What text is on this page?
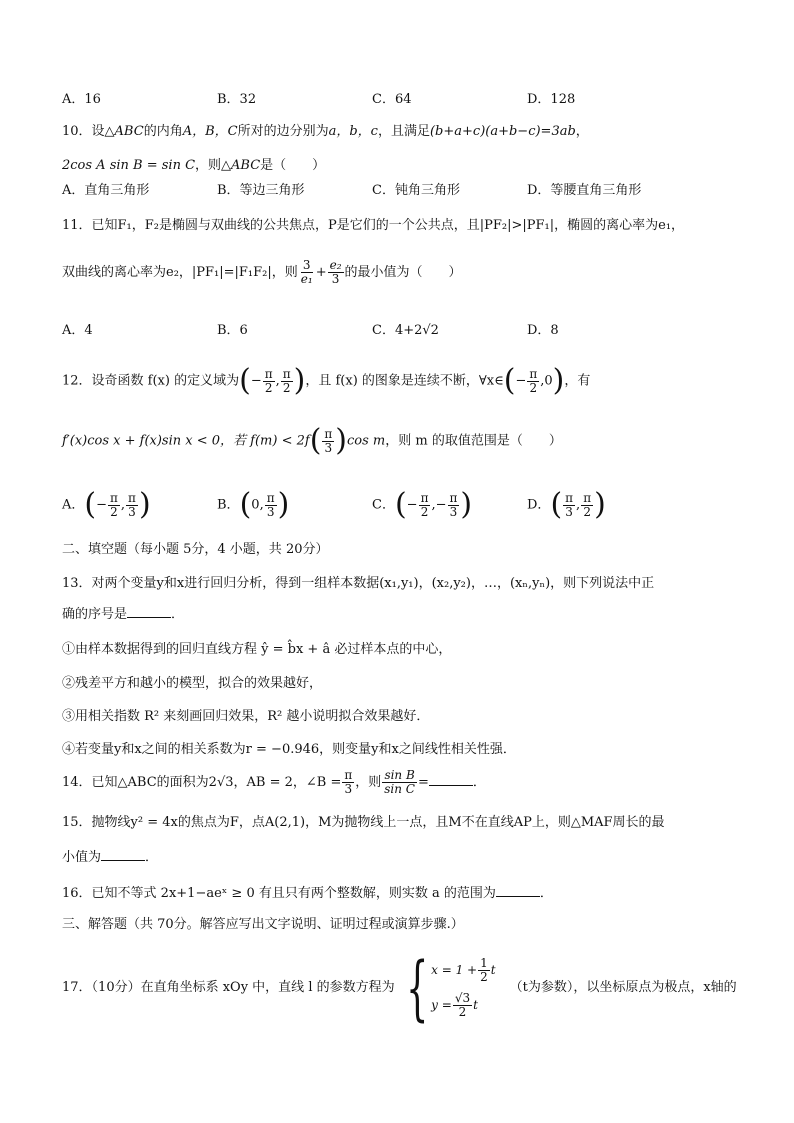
A．16	B．32	C．64	D．128
10．设△ABC的内角A，B，C所对的边分别为a，b，c，且满足(b+a+c)(a+b−c)=3ab，
2cos A sin B = sin C，则△ABC是（　　）
A．直角三角形	B．等边三角形	C．钝角三角形	D．等腰直角三角形
11．已知F₁，F₂是椭圆与双曲线的公共焦点，P是它们的一个公共点，且|PF₂|>|PF₁|，椭圆的离心率为e₁，
双曲线的离心率为e₂，|PF₁|=|F₁F₂|，则 $\frac{3}{\text{e₁}} + \frac{\text{e₂}}{3}$ 的最小值为（　　）
A．4	B．6	C．4+2√2	D．8
12．设奇函数 f(x) 的定义域为(− $\frac{\pi}{2}$ , $\frac{\pi}{2}$ )，且 f(x) 的图象是连续不断，∀x∈(− $\frac{\pi}{2} ,0$)，有
f′(x)cos x + f(x)sin x < 0，若 $f(m) < 2f( \frac{\pi}{3} )\cos$ m，则 m 的取值范围是（　　）
A．(− $\frac{\pi}{2}$ , $\frac{\pi}{3}$ )	B．(0, $\frac{\pi}{3}$ )	C．(− $\frac{\pi}{2}$ ,− $\frac{\pi}{3}$ )	D．( $\frac{\pi}{3}$ , $\frac{\pi}{2}$ )
二、填空题（每小题 5分，4 小题，共 20分）
13．对两个变量y和x进行回归分析，得到一组样本数据(x₁,y₁)，(x₂,y₂)，…，(xₙ,yₙ)，则下列说法中正
确的序号是	．
①由样本数据得到的回归直线方程 ŷ = b̂x + â 必过样本点的中心，
②残差平方和越小的模型，拟合的效果越好，
③用相关指数 R² 来刻画回归效果，R² 越小说明拟合效果越好．
④若变量y和x之间的相关系数为r = −0.946，则变量y和x之间线性相关性强．
14．已知△ABC的面积为2√3，AB = 2，∠B = $\frac{\pi}{3}$ ，则 $\frac{\text{sin B}}{\text{sin C}}$ =	．
15．抛物线y² = 4x的焦点为F，点A(2,1)，M为抛物线上一点，且M不在直线AP上，则△MAF周长的最
小值为	．
16．已知不等式 2x+1−aeˣ ≥ 0 有且只有两个整数解，则实数 a 的范围为	．
三、解答题（共 70分。解答应写出文字说明、证明过程或演算步骤.）
17．（10分）在直角坐标系 xOy 中，直线 l 的参数方程为 { $x = 1 + \frac{1}{2}$ t
$y = \frac{√3}{2}$ t
（t为参数），以坐标原点为极点，x轴的
